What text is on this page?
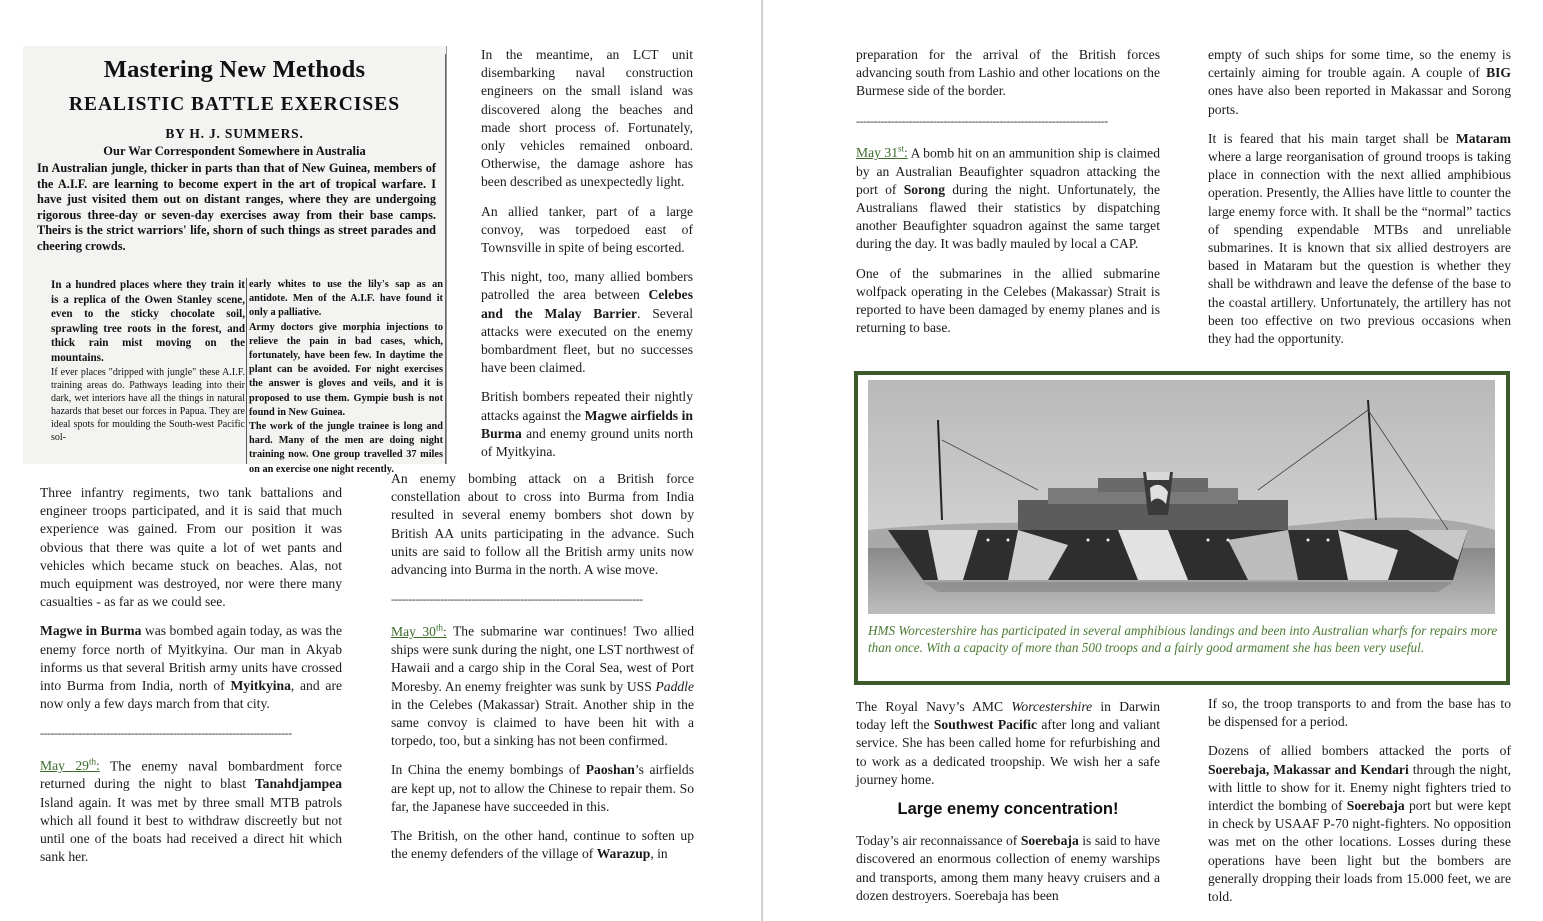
Mastering New Methods
REALISTIC BATTLE EXERCISES
BY H. J. SUMMERS.
Our War Correspondent Somewhere in Australia
In Australian jungle, thicker in parts than that of New Guinea, members of the A.I.F. are learning to become expert in the art of tropical warfare. I have just visited them out on distant ranges, where they are undergoing rigorous three-day or seven-day exercises away from their base camps. Theirs is the strict warriors' life, shorn of such things as street parades and cheering crowds.
In a hundred places where they train it is a replica of the Owen Stanley scene, even to the sticky chocolate soil, sprawling tree roots in the forest, and thick rain mist moving on the mountains.
If ever places "dripped with jungle" these A.I.F. training areas do. Pathways leading into their dark, wet interiors have all the things in natural hazards that beset our forces in Papua. They are ideal spots for moulding the South-west Pacific sol-
early whites to use the lily's sap as an antidote. Men of the A.I.F. have found it only a palliative.
Army doctors give morphia injections to relieve the pain in bad cases, which, fortunately, have been few. In daytime the plant can be avoided. For night exercises the answer is gloves and veils, and it is proposed to use them. Gympie bush is not found in New Guinea.
The work of the jungle trainee is long and hard. Many of the men are doing night training now. One group travelled 37 miles on an exercise one night recently.

Three infantry regiments, two tank battalions and engineer troops participated, and it is said that much experience was gained. From our position it was obvious that there was quite a lot of wet pants and vehicles which became stuck on beaches. Alas, not much equipment was destroyed, nor were there many casualties - as far as we could see.

Magwe in Burma was bombed again today, as was the enemy force north of Myitkyina. Our man in Akyab informs us that several British army units have crossed into Burma from India, north of Myitkyina, and are now only a few days march from that city.

------------------------------------------------------------------------

May 29th: The enemy naval bombardment force returned during the night to blast Tanahdjampea Island again. It was met by three small MTB patrols which all found it best to withdraw discreetly but not until one of the boats had received a direct hit which sank her.

In the meantime, an LCT unit disembarking naval construction engineers on the small island was discovered along the beaches and made short process of. Fortunately, only vehicles remained onboard. Otherwise, the damage ashore has been described as unexpectedly light.

An allied tanker, part of a large convoy, was torpedoed east of Townsville in spite of being escorted.

This night, too, many allied bombers patrolled the area between Celebes and the Malay Barrier. Several attacks were executed on the enemy bombardment fleet, but no successes have been claimed.

British bombers repeated their nightly attacks against the Magwe airfields in Burma and enemy ground units north of Myitkyina.

An enemy bombing attack on a British force constellation about to cross into Burma from India resulted in several enemy bombers shot down by British AA units participating in the advance. Such units are said to follow all the British army units now advancing into Burma in the north. A wise move.

------------------------------------------------------------------------

May 30th: The submarine war continues! Two allied ships were sunk during the night, one LST northwest of Hawaii and a cargo ship in the Coral Sea, west of Port Moresby. An enemy freighter was sunk by USS Paddle in the Celebes (Makassar) Strait. Another ship in the same convoy is claimed to have been hit with a torpedo, too, but a sinking has not been confirmed.

In China the enemy bombings of Paoshan’s airfields are kept up, not to allow the Chinese to repair them. So far, the Japanese have succeeded in this.

The British, on the other hand, continue to soften up the enemy defenders of the village of Warazup, in

preparation for the arrival of the British forces advancing south from Lashio and other locations on the Burmese side of the border.

------------------------------------------------------------------------

May 31st: A bomb hit on an ammunition ship is claimed by an Australian Beaufighter squadron attacking the port of Sorong during the night. Unfortunately, the Australians flawed their statistics by dispatching another Beaufighter squadron against the same target during the day. It was badly mauled by local a CAP.

One of the submarines in the allied submarine wolfpack operating in the Celebes (Makassar) Strait is reported to have been damaged by enemy planes and is returning to base.

empty of such ships for some time, so the enemy is certainly aiming for trouble again. A couple of BIG ones have also been reported in Makassar and Sorong ports.

It is feared that his main target shall be Mataram where a large reorganisation of ground troops is taking place in connection with the next allied amphibious operation. Presently, the Allies have little to counter the large enemy force with. It shall be the “normal” tactics of spending expendable MTBs and unreliable submarines. It is known that six allied destroyers are based in Mataram but the question is whether they shall be withdrawn and leave the defense of the base to the coastal artillery. Unfortunately, the artillery has not been too effective on two previous occasions when they had the opportunity.

HMS Worcestershire has participated in several amphibious landings and been into Australian wharfs for repairs more than once. With a capacity of more than 500 troops and a fairly good armament she has been very useful.

The Royal Navy’s AMC Worcestershire in Darwin today left the Southwest Pacific after long and valiant service. She has been called home for refurbishing and to work as a dedicated troopship. We wish her a safe journey home.

Large enemy concentration!

Today’s air reconnaissance of Soerebaja is said to have discovered an enormous collection of enemy warships and transports, among them many heavy cruisers and a dozen destroyers. Soerebaja has been

If so, the troop transports to and from the base has to be dispensed for a period.

Dozens of allied bombers attacked the ports of Soerebaja, Makassar and Kendari through the night, with little to show for it. Enemy night fighters tried to interdict the bombing of Soerebaja port but were kept in check by USAAF P-70 night-fighters. No opposition was met on the other locations. Losses during these operations have been light but the bombers are generally dropping their loads from 15.000 feet, we are told.
